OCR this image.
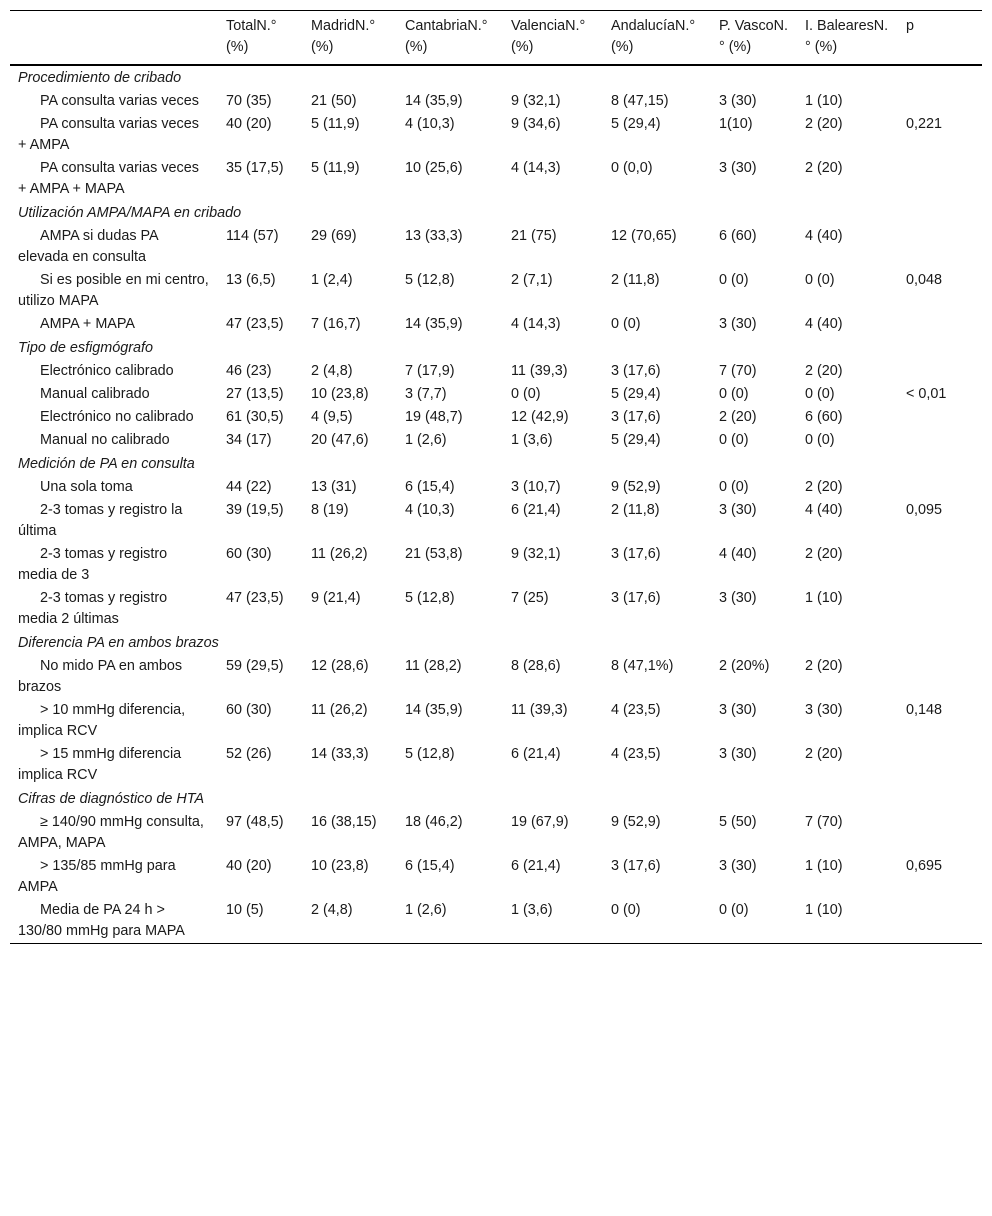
	TotalN.° (%)	MadridN.° (%)	CantabriaN.° (%)	ValenciaN.° (%)	AndalucíaN.° (%)	P. VascoN.° (%)	I. BalearesN.° (%)	p
Procedimiento de cribado								
PA consulta varias veces	70 (35)	21 (50)	14 (35,9)	9 (32,1)	8 (47,15)	3 (30)	1 (10)	
PA consulta varias veces + AMPA	40 (20)	5 (11,9)	4 (10,3)	9 (34,6)	5 (29,4)	1(10)	2 (20)	0,221
PA consulta varias veces + AMPA + MAPA	35 (17,5)	5 (11,9)	10 (25,6)	4 (14,3)	0 (0,0)	3 (30)	2 (20)	
Utilización AMPA/MAPA en cribado								
AMPA si dudas PA elevada en consulta	114 (57)	29 (69)	13 (33,3)	21 (75)	12 (70,65)	6 (60)	4 (40)	
Si es posible en mi centro, utilizo MAPA	13 (6,5)	1 (2,4)	5 (12,8)	2 (7,1)	2 (11,8)	0 (0)	0 (0)	0,048
AMPA + MAPA	47 (23,5)	7 (16,7)	14 (35,9)	4 (14,3)	0 (0)	3 (30)	4 (40)	
Tipo de esfigmógrafo								
Electrónico calibrado	46 (23)	2 (4,8)	7 (17,9)	11 (39,3)	3 (17,6)	7 (70)	2 (20)	
Manual calibrado	27 (13,5)	10 (23,8)	3 (7,7)	0 (0)	5 (29,4)	0 (0)	0 (0)	< 0,01
Electrónico no calibrado	61 (30,5)	4 (9,5)	19 (48,7)	12 (42,9)	3 (17,6)	2 (20)	6 (60)	
Manual no calibrado	34 (17)	20 (47,6)	1 (2,6)	1 (3,6)	5 (29,4)	0 (0)	0 (0)	
Medición de PA en consulta								
Una sola toma	44 (22)	13 (31)	6 (15,4)	3 (10,7)	9 (52,9)	0 (0)	2 (20)	
2-3 tomas y registro la última	39 (19,5)	8 (19)	4 (10,3)	6 (21,4)	2 (11,8)	3 (30)	4 (40)	0,095
2-3 tomas y registro media de 3	60 (30)	11 (26,2)	21 (53,8)	9 (32,1)	3 (17,6)	4 (40)	2 (20)	
2-3 tomas y registro media 2 últimas	47 (23,5)	9 (21,4)	5 (12,8)	7 (25)	3 (17,6)	3 (30)	1 (10)	
Diferencia PA en ambos brazos								
No mido PA en ambos brazos	59 (29,5)	12 (28,6)	11 (28,2)	8 (28,6)	8 (47,1%)	2 (20%)	2 (20)	
> 10 mmHg diferencia, implica RCV	60 (30)	11 (26,2)	14 (35,9)	11 (39,3)	4 (23,5)	3 (30)	3 (30)	0,148
> 15 mmHg diferencia implica RCV	52 (26)	14 (33,3)	5 (12,8)	6 (21,4)	4 (23,5)	3 (30)	2 (20)	
Cifras de diagnóstico de HTA								
≥ 140/90 mmHg consulta, AMPA, MAPA	97 (48,5)	16 (38,15)	18 (46,2)	19 (67,9)	9 (52,9)	5 (50)	7 (70)	
> 135/85 mmHg para AMPA	40 (20)	10 (23,8)	6 (15,4)	6 (21,4)	3 (17,6)	3 (30)	1 (10)	0,695
Media de PA 24 h > 130/80 mmHg para MAPA	10 (5)	2 (4,8)	1 (2,6)	1 (3,6)	0 (0)	0 (0)	1 (10)	
